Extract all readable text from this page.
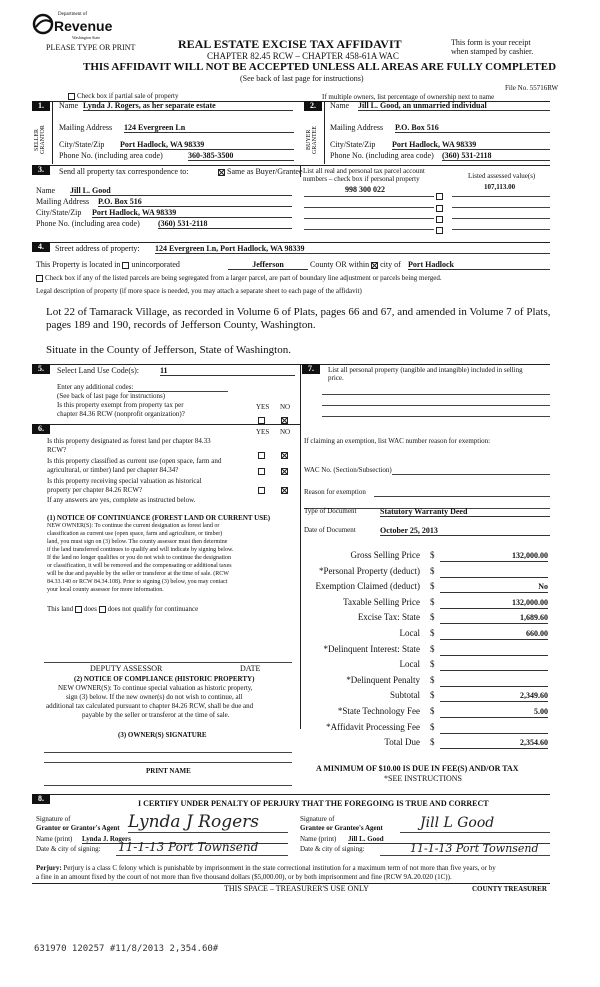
Department of
Revenue
Washington State
PLEASE TYPE OR PRINT	REAL ESTATE EXCISE TAX AFFIDAVIT
CHAPTER 82.45 RCW – CHAPTER 458-61A WAC
This form is your receipt
when stamped by cashier.
THIS AFFIDAVIT WILL NOT BE ACCEPTED UNLESS ALL AREAS ARE FULLY COMPLETED
(See back of last page for instructions)
File No. 55716RW
Check box if partial sale of property	If multiple owners, list percentage of ownership next to name
1.
SELLER GRANTOR
Name Lynda J. Rogers, as her separate estate
Mailing Address 124 Evergreen Ln
City/State/Zip Port Hadlock, WA 98339
Phone No. (including area code)	360-385-3500
2.
BUYER GRANTEE
Name Jill L. Good, an unmarried individual
Mailing Address P.O. Box 516
City/State/Zip Port Hadlock, WA 98339
Phone No. (including area code) (360) 531-2118
3.	Send all property tax correspondence to:	Same as Buyer/Grantee List all real and personal tax parcel account
numbers – check box if personal property	Listed assessed value(s)
998 300 022	107,113.00
Name Jill L. Good
Mailing Address P.O. Box 516
City/State/Zip Port Hadlock, WA 98339
Phone No. (including area code) (360) 531-2118
4.	Street address of property: 124 Evergreen Ln, Port Hadlock, WA 98339
This Property is located in unincorporated	Jefferson	County OR within city of Port Hadlock
Check box if any of the listed parcels are being segregated from a larger parcel, are part of boundary line adjustment or parcels being merged.
Legal description of property (if more space is needed, you may attach a separate sheet to each page of the affidavit)
Lot 22 of Tamarack Village, as recorded in Volume 6 of Plats, pages 66 and 67, and amended in Volume 7 of Plats,
pages 189 and 190, records of Jefferson County, Washington.
Situate in the County of Jefferson, State of Washington.
5.	Select Land Use Code(s):	11
Enter any additional codes:
(See back of last page for instructions)
Is this property exempt from property tax per
chapter 84.36 RCW (nonprofit organization)?
YES NO
6.	YES NO
Is this property designated as forest land per chapter 84.33
RCW?
Is this property classified as current use (open space, farm and
agricultural, or timber) land per chapter 84.34?
Is this property receiving special valuation as historical
property per chapter 84.26 RCW?
If any answers are yes, complete as instructed below.
(1) NOTICE OF CONTINUANCE (FOREST LAND OR CURRENT USE)
NEW OWNER(S): To continue the current designation as forest land or
classification as current use (open space, farm and agriculture, or timber)
land, you must sign on (3) below. The county assessor must then determine
if the land transferred continues to qualify and will indicate by signing below.
If the land no longer qualifies or you do not wish to continue the designation
or classification, it will be removed and the compensating or additional taxes
will be due and payable by the seller or transferor at the time of sale. (RCW
84.33.140 or RCW 84.34.108). Prior to signing (3) below, you may contact
your local county assessor for more information.
This land does does not qualify for continuance
DEPUTY ASSESSOR	DATE
(2) NOTICE OF COMPLIANCE (HISTORIC PROPERTY)
NEW OWNER(S): To continue special valuation as historic property,
sign (3) below. If the new owner(s) do not wish to continue, all
additional tax calculated pursuant to chapter 84.26 RCW, shall be due and
payable by the seller or transferor at the time of sale.
(3) OWNER(S) SIGNATURE
PRINT NAME
7.	List all personal property (tangible and intangible) included in selling
price.
If claiming an exemption, list WAC number reason for exemption:
WAC No. (Section/Subsection)
Reason for exemption
Type of Document	Statutory Warranty Deed
Date of Document	October 25, 2013
Gross Selling Price $	132,000.00
*Personal Property (deduct) $
Exemption Claimed (deduct) $	No
Taxable Selling Price $	132,000.00
Excise Tax: State $	1,689.60
Local $	660.00
*Delinquent Interest: State $
Local $
*Delinquent Penalty $
Subtotal $	2,349.60
*State Technology Fee $	5.00
*Affidavit Processing Fee $
Total Due $	2,354.60
A MINIMUM OF $10.00 IS DUE IN FEE(S) AND/OR TAX
*SEE INSTRUCTIONS
8.
I CERTIFY UNDER PENALTY OF PERJURY THAT THE FOREGOING IS TRUE AND CORRECT
Signature of
Grantor or Grantor's Agent Lynda J Rogers
Name (print) Lynda J. Rogers
Date & city of signing: 11-1-13 Port Townsend
Signature of
Grantee or Grantee's Agent	Jill L Good
Name (print) Jill L. Good
Date & city of signing:	11-1-13 Port Townsend
Perjury: Perjury is a class C felony which is punishable by imprisonment in the state correctional institution for a maximum term of not more than five years, or by
a fine in an amount fixed by the court of not more than five thousand dollars ($5,000.00), or by both imprisonment and fine (RCW 9A.20.020 (1C)).
THIS SPACE – TREASURER'S USE ONLY	COUNTY TREASURER
631970 120257 #11/8/2013 2,354.60#
